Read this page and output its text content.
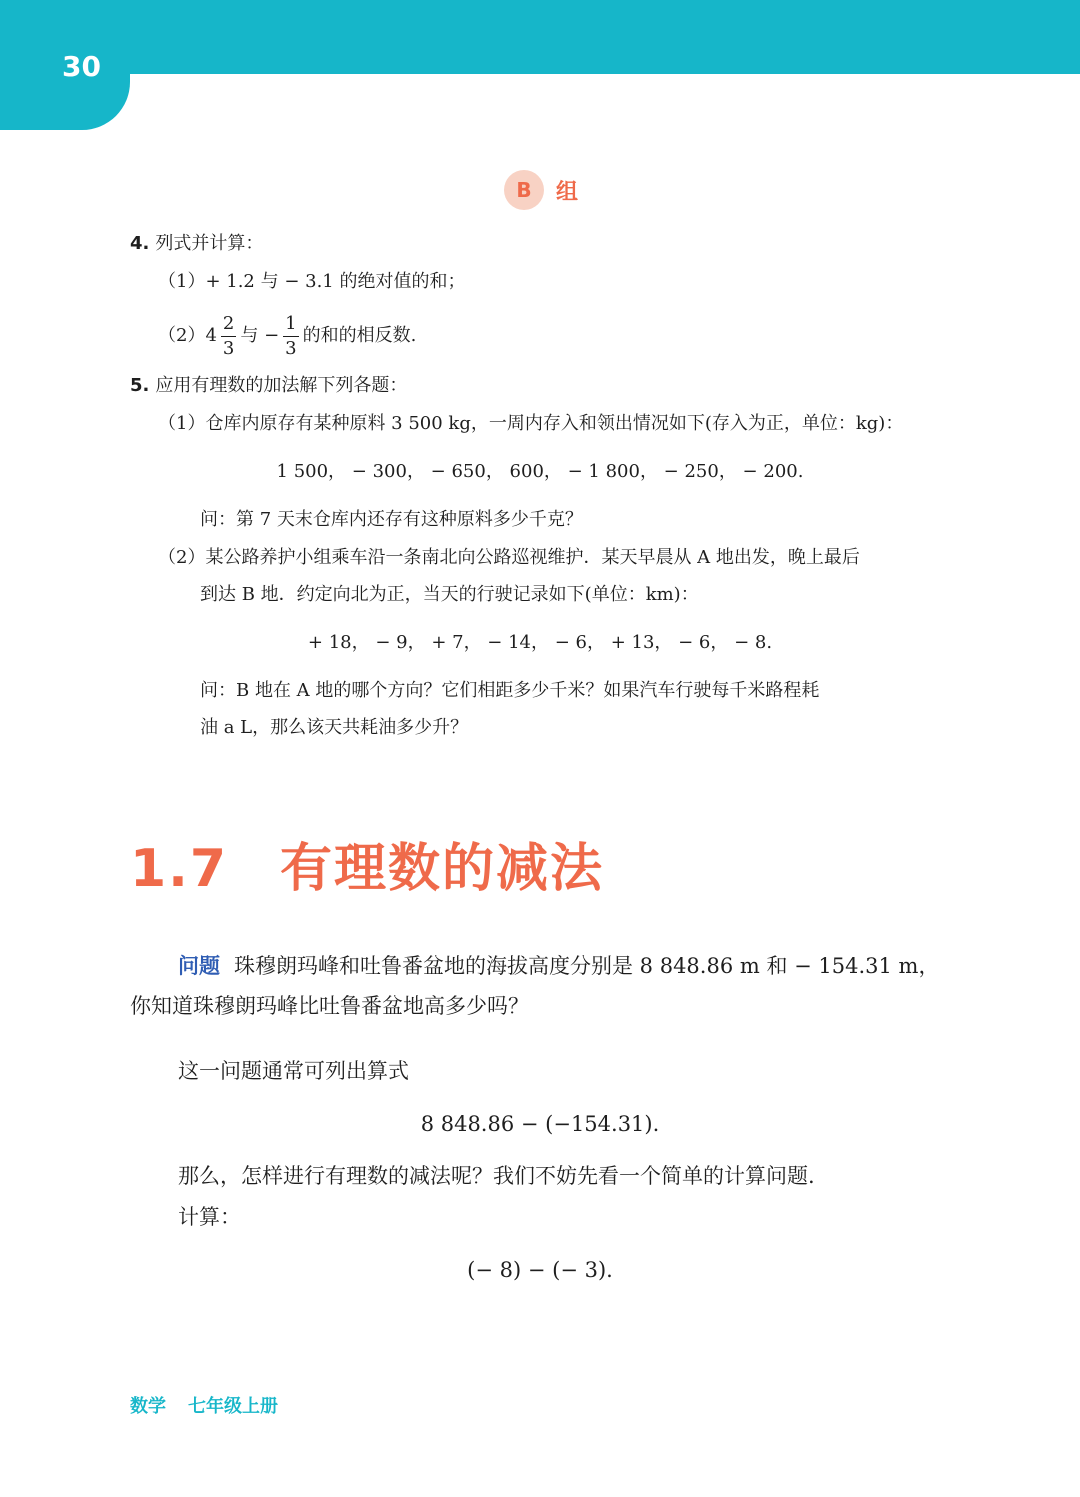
30
B	组
4. 列式并计算：
（1）+ 1.2 与 − 3.1 的绝对值的和；
$(2)4 \frac{2}{3}$ 与 − $\frac{1}{3}$ 的和的相反数.
5. 应用有理数的加法解下列各题：
（1）仓库内原存有某种原料 3 500 kg，一周内存入和领出情况如下(存入为正，单位：kg)：
1 500， − 300， − 650， 600， − 1 800， − 250， − 200.
问：第 7 天末仓库内还存有这种原料多少千克？
（2）某公路养护小组乘车沿一条南北向公路巡视维护．某天早晨从 A 地出发，晚上最后
到达 B 地．约定向北为正，当天的行驶记录如下(单位：km)：
+ 18， − 9， + 7， − 14， − 6， + 13， − 6， − 8.
问：B 地在 A 地的哪个方向？它们相距多少千米？如果汽车行驶每千米路程耗
油 a L，那么该天共耗油多少升？
1.7 有理数的减法
问题 珠穆朗玛峰和吐鲁番盆地的海拔高度分别是 8 848.86 m 和 − 154.31 m，
你知道珠穆朗玛峰比吐鲁番盆地高多少吗？
这一问题通常可列出算式
8 848.86 − (−154.31).
那么，怎样进行有理数的减法呢？我们不妨先看一个简单的计算问题.
计算：
(− 8) − (− 3).
数学 七年级上册
